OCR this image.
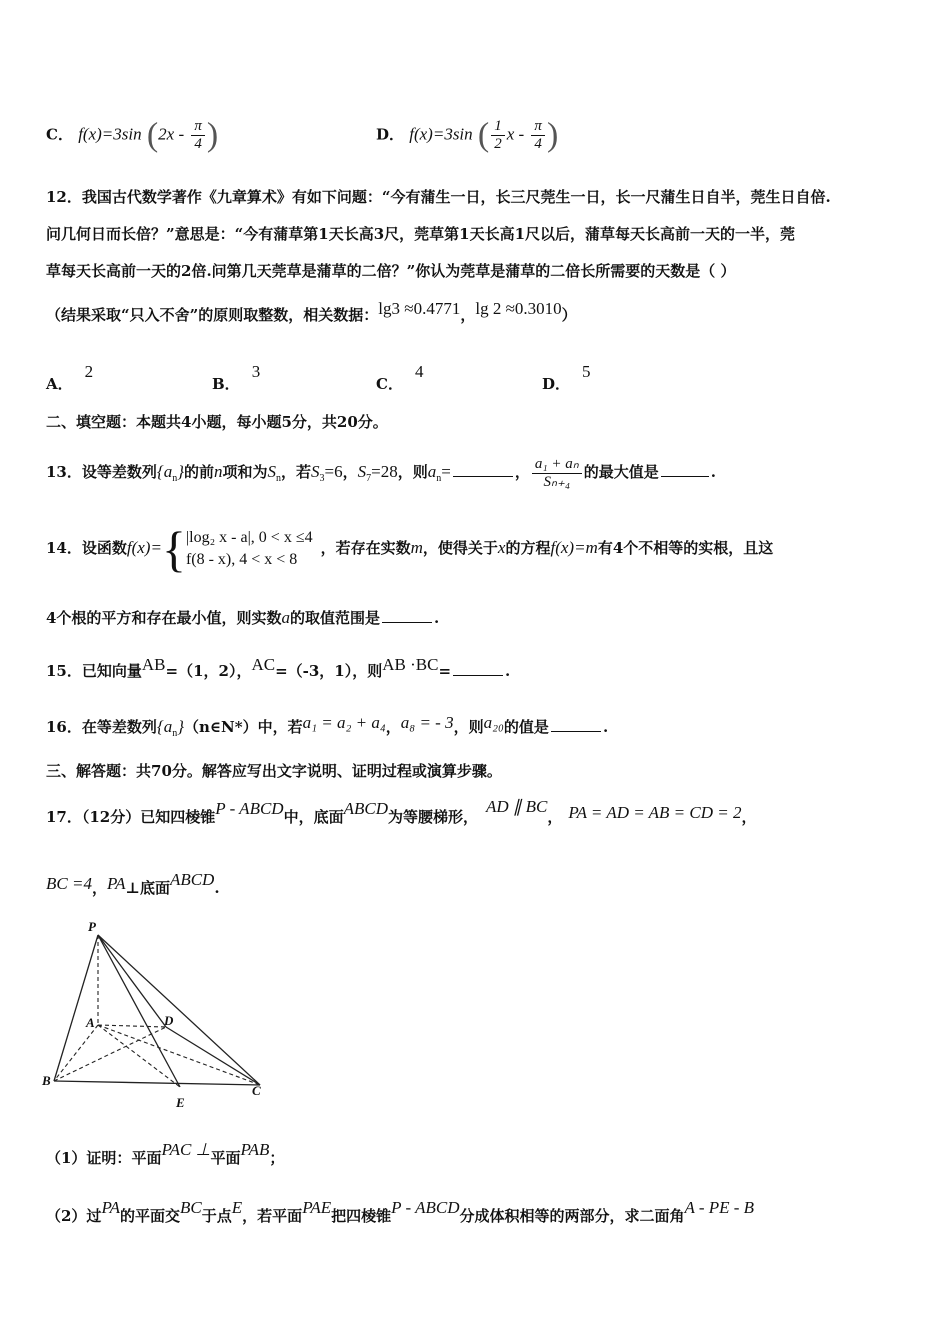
C． f(x)=3sin ($2x - \frac{\pi}{4}$ )	D． f(x)=3sin ( $\frac{1}{2}$ x - $\frac{\pi}{4}$ )
12．我国古代数学著作《九章算术》有如下问题：“今有蒲生一日，长三尺莞生一日，长一尺蒲生日自半，莞生日自倍.
问几何日而长倍？”意思是：“今有蒲草第1天长高3尺，莞草第1天长高1尺以后，蒲草每天长高前一天的一半，莞
草每天长高前一天的2倍.问第几天莞草是蒲草的二倍？”你认为莞草是蒲草的二倍长所需要的天数是（ ）
（结果采取“只入不舍”的原则取整数，相关数据：lg3 ≈0.4771，lg 2 ≈0.3010）
A．2
B．3
C．4
D．5
二、填空题：本题共4小题，每小题5分，共20分。
13．设等差数列$\{a_n\}$的前n项和为$S_n$，若$S_3=6$，$S_7=28$，则$a_n=$	， $\frac{\text{a₁ + aₙ}}{\text{Sₙ₊₄}}$ 的最大值是	.
14．设函数f(x)={ |log₂ x - a|, 0 < x ≤4
f(8 - x), 4 < x < 8
，若存在实数m，使得关于x的方程f(x)=m有4个不相等的实根，且这
4个根的平方和存在最小值，则实数a的取值范围是	.
15．已知向量AB=（1，2），AC=（-3，1），则AB ·BC=	.
16．在等差数列$\{a_n\}(n\in N*)$中，若a₁ = a₂ + a₄，a₈ = - 3，则a₂₀的值是	.
三、解答题：共70分。解答应写出文字说明、证明过程或演算步骤。
17．（12分）已知四棱锥P - ABCD中，底面ABCD为等腰梯形，AD ∥ BC， PA = AD = AB = CD = 2，
BC =4，PA⊥底面ABCD.
P
A	D
B
C
E
（1）证明：平面PAC ⊥平面PAB；
（2）过PA的平面交BC于点E，若平面PAE把四棱锥P - ABCD分成体积相等的两部分，求二面角A - PE - B
